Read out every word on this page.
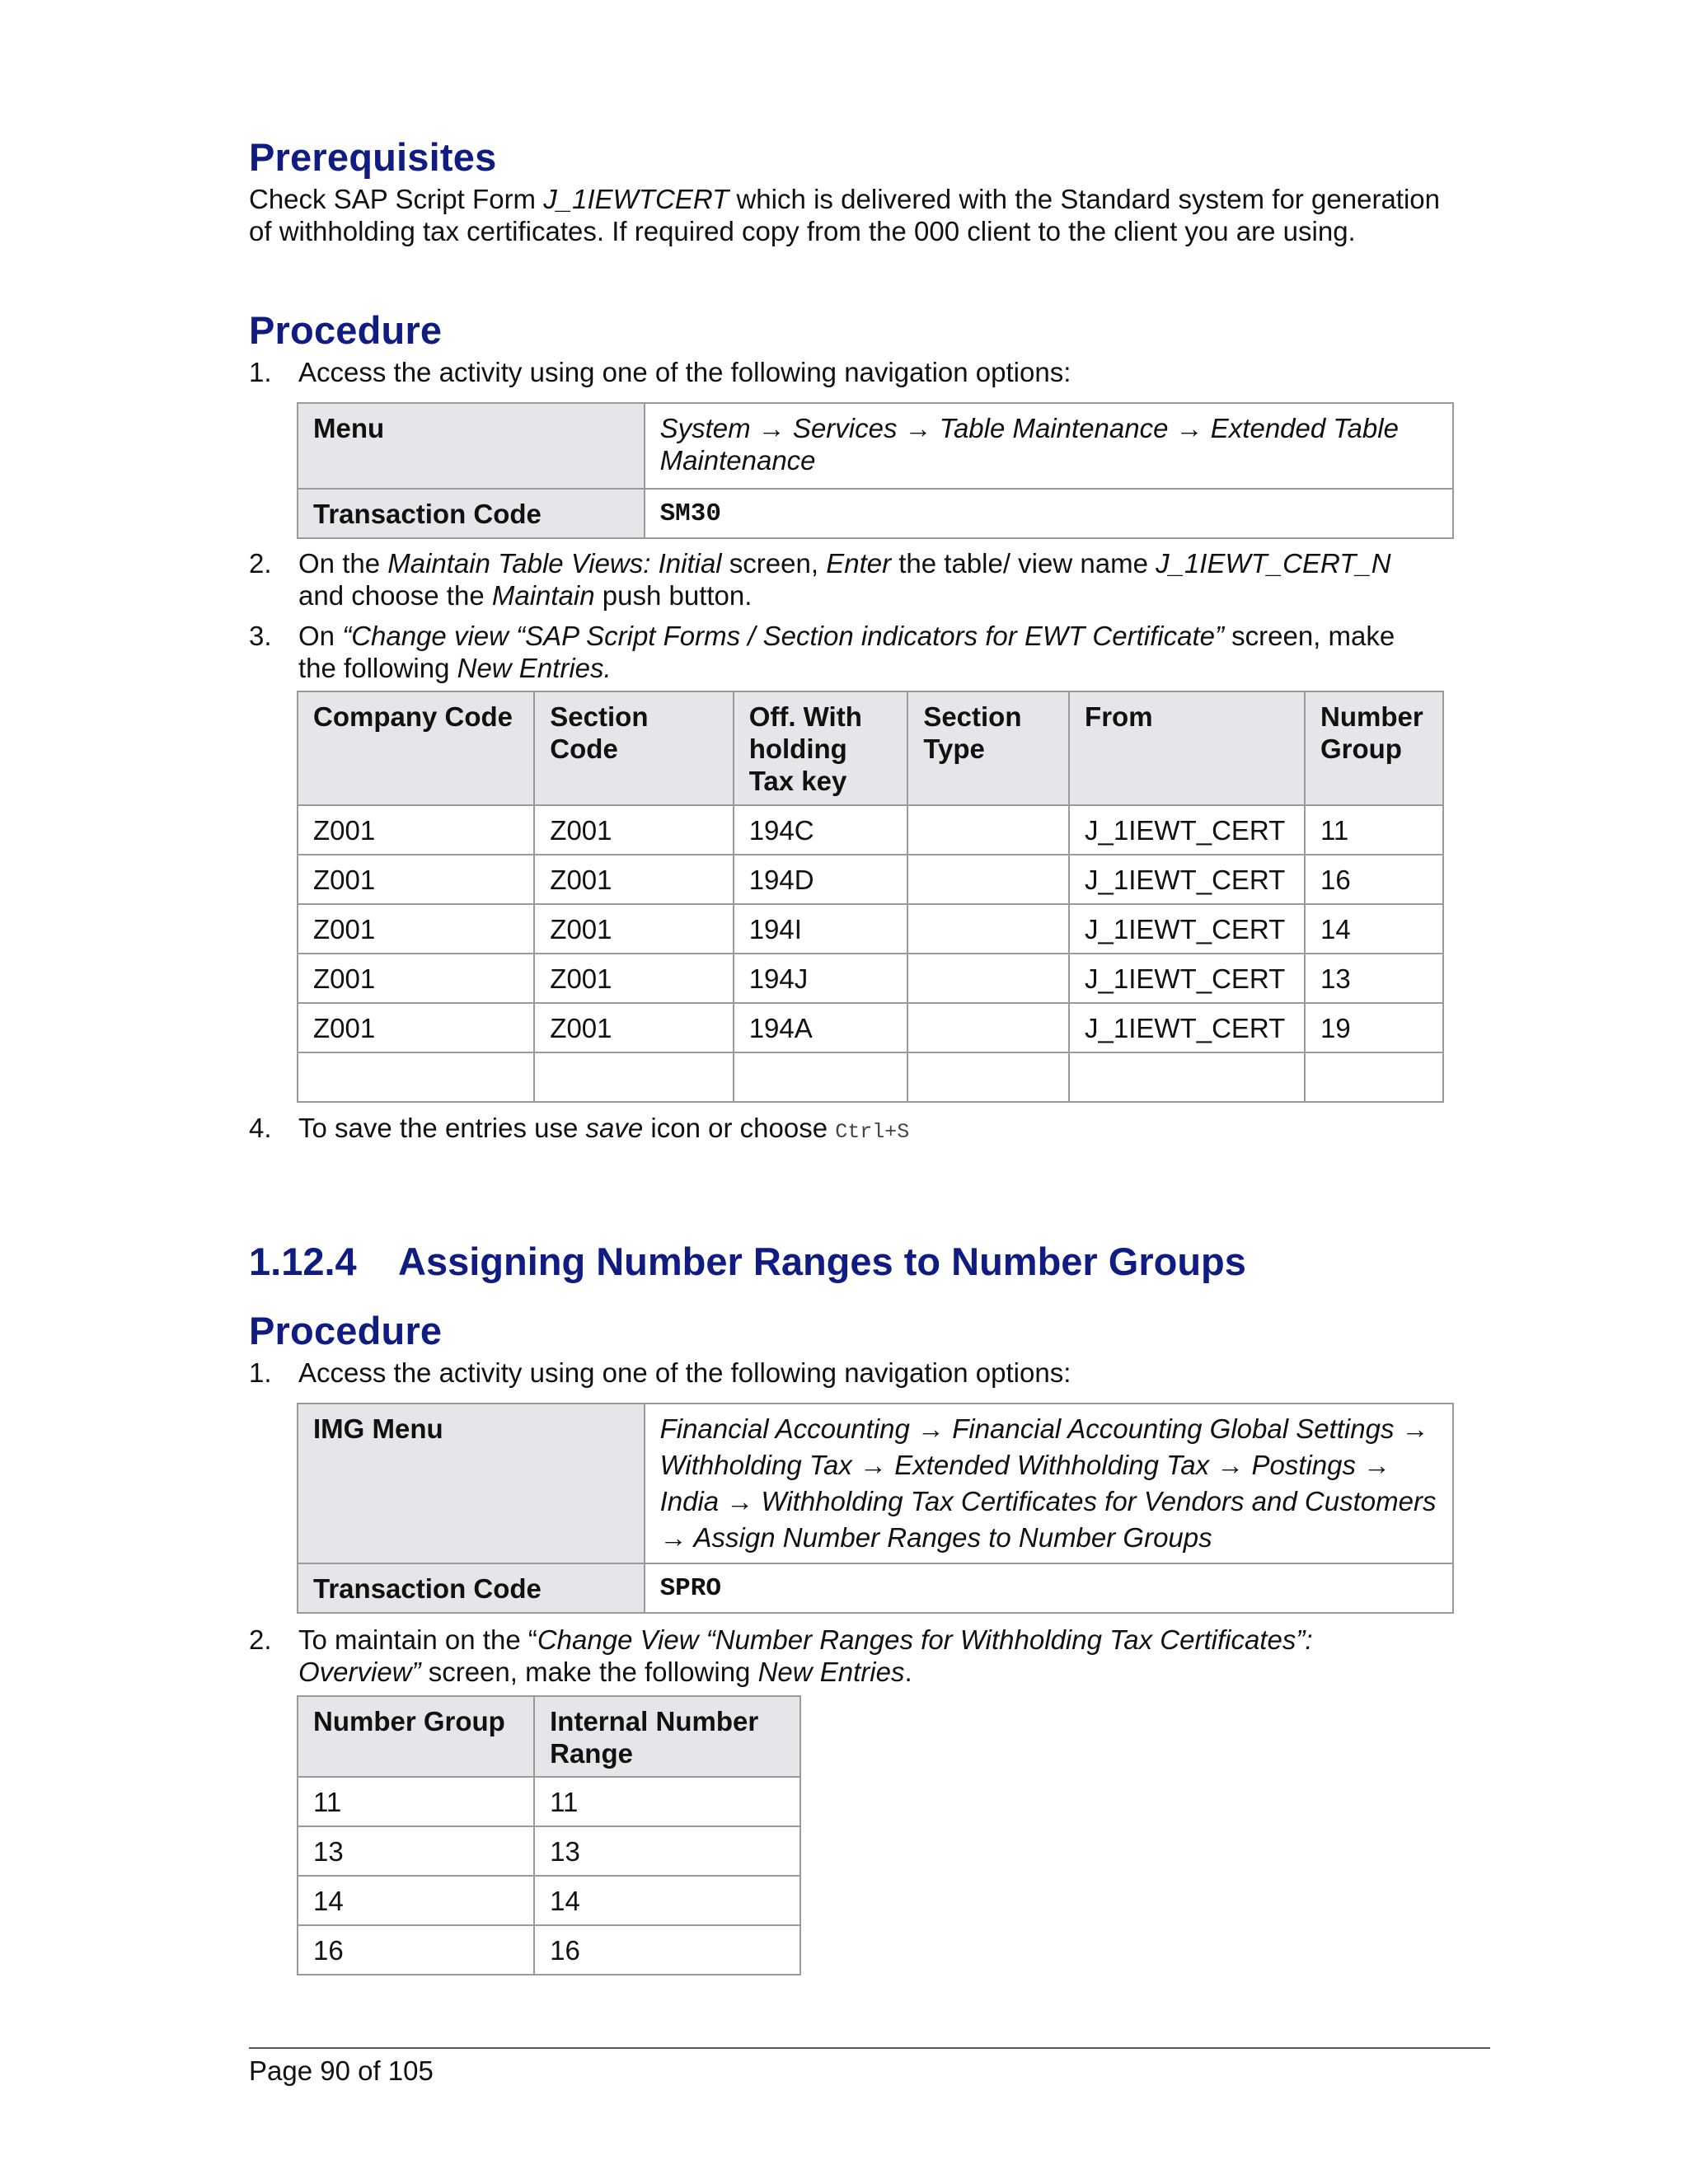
Prerequisites

Check SAP Script Form J_1IEWTCERT which is delivered with the Standard system for generation of withholding tax certificates. If required copy from the 000 client to the client you are using.

Procedure
1. Access the activity using one of the following navigation options:
Menu	System → Services → Table Maintenance → Extended Table Maintenance
Transaction Code	SM30
2. On the Maintain Table Views: Initial screen, Enter the table/ view name J_1IEWT_CERT_N and choose the Maintain push button.
3. On “Change view “SAP Script Forms / Section indicators for EWT Certificate” screen, make the following New Entries.
Company Code	Section Code	Off. With holding Tax key	Section Type	From	Number Group
Z001	Z001	194C		J_1IEWT_CERT	11
Z001	Z001	194D		J_1IEWT_CERT	16
Z001	Z001	194I		J_1IEWT_CERT	14
Z001	Z001	194J		J_1IEWT_CERT	13
Z001	Z001	194A		J_1IEWT_CERT	19

4. To save the entries use save icon or choose Ctrl+S
1.12.4 Assigning Number Ranges to Number Groups
Procedure
1. Access the activity using one of the following navigation options:
IMG Menu	Financial Accounting → Financial Accounting Global Settings → Withholding Tax → Extended Withholding Tax → Postings → India → Withholding Tax Certificates for Vendors and Customers → Assign Number Ranges to Number Groups
Transaction Code	SPRO
2. To maintain on the “Change View “Number Ranges for Withholding Tax Certificates”: Overview” screen, make the following New Entries.
Number Group	Internal Number Range
11	11
13	13
14	14
16	16
Page 90 of 105
